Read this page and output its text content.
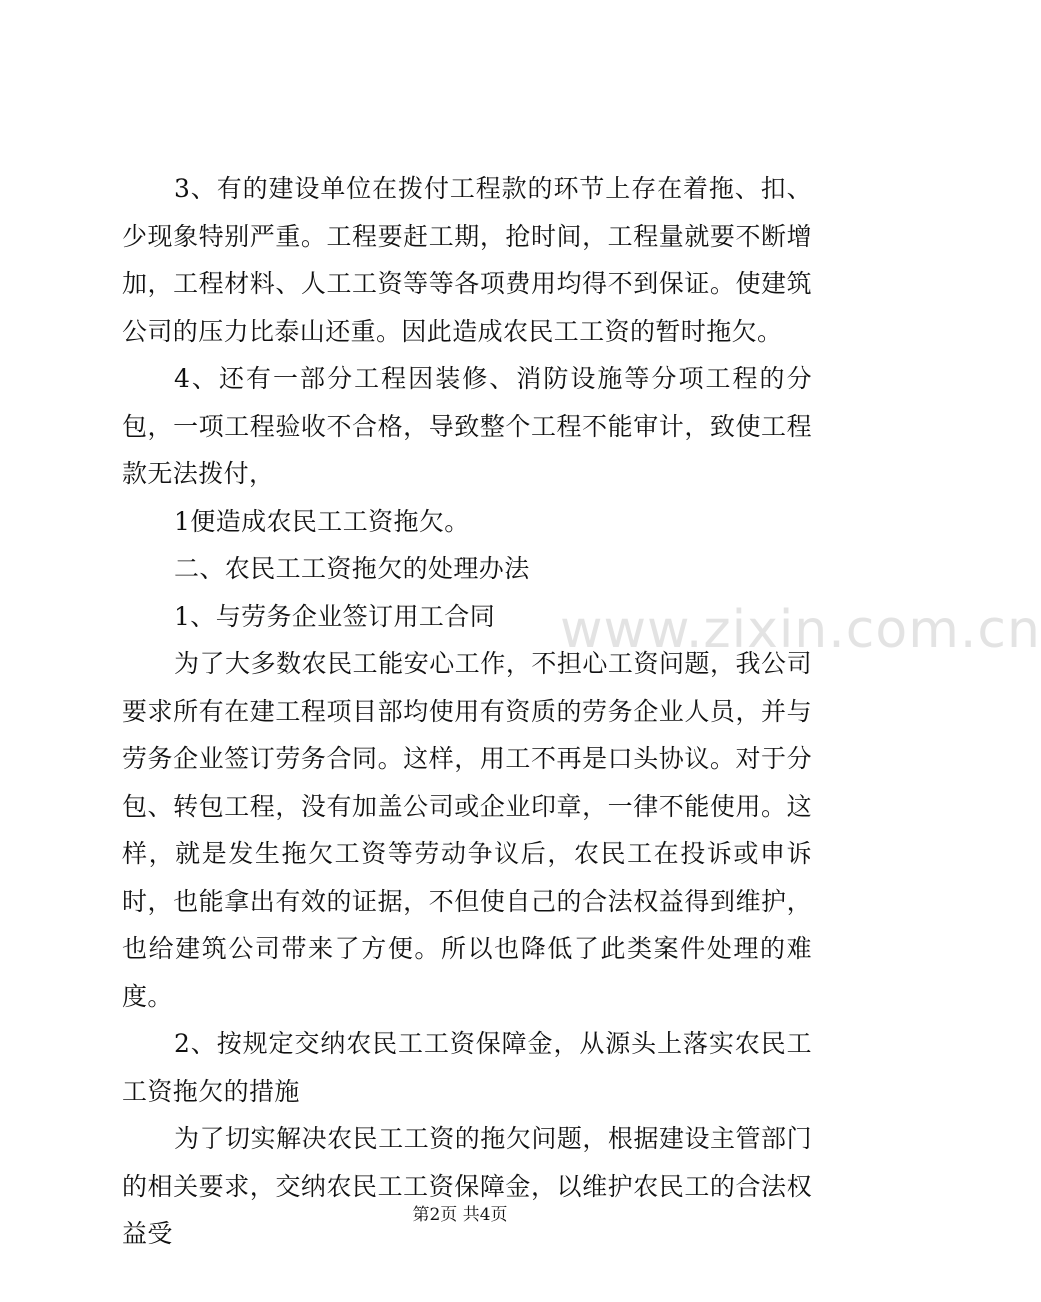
3、有的建设单位在拨付工程款的环节上存在着拖、扣、少现象特别严重。工程要赶工期，抢时间，工程量就要不断增加，工程材料、人工工资等等各项费用均得不到保证。使建筑公司的压力比泰山还重。因此造成农民工工资的暂时拖欠。

4、还有一部分工程因装修、消防设施等分项工程的分包，一项工程验收不合格，导致整个工程不能审计，致使工程款无法拨付，

1便造成农民工工资拖欠。

二、农民工工资拖欠的处理办法

1、与劳务企业签订用工合同

为了大多数农民工能安心工作，不担心工资问题，我公司要求所有在建工程项目部均使用有资质的劳务企业人员，并与劳务企业签订劳务合同。这样，用工不再是口头协议。对于分包、转包工程，没有加盖公司或企业印章，一律不能使用。这样，就是发生拖欠工资等劳动争议后，农民工在投诉或申诉时，也能拿出有效的证据，不但使自己的合法权益得到维护，也给建筑公司带来了方便。所以也降低了此类案件处理的难度。

2、按规定交纳农民工工资保障金，从源头上落实农民工工资拖欠的措施

为了切实解决农民工工资的拖欠问题，根据建设主管部门的相关要求，交纳农民工工资保障金，以维护农民工的合法权益受

www.zixin.com.cn
第2页 共4页
